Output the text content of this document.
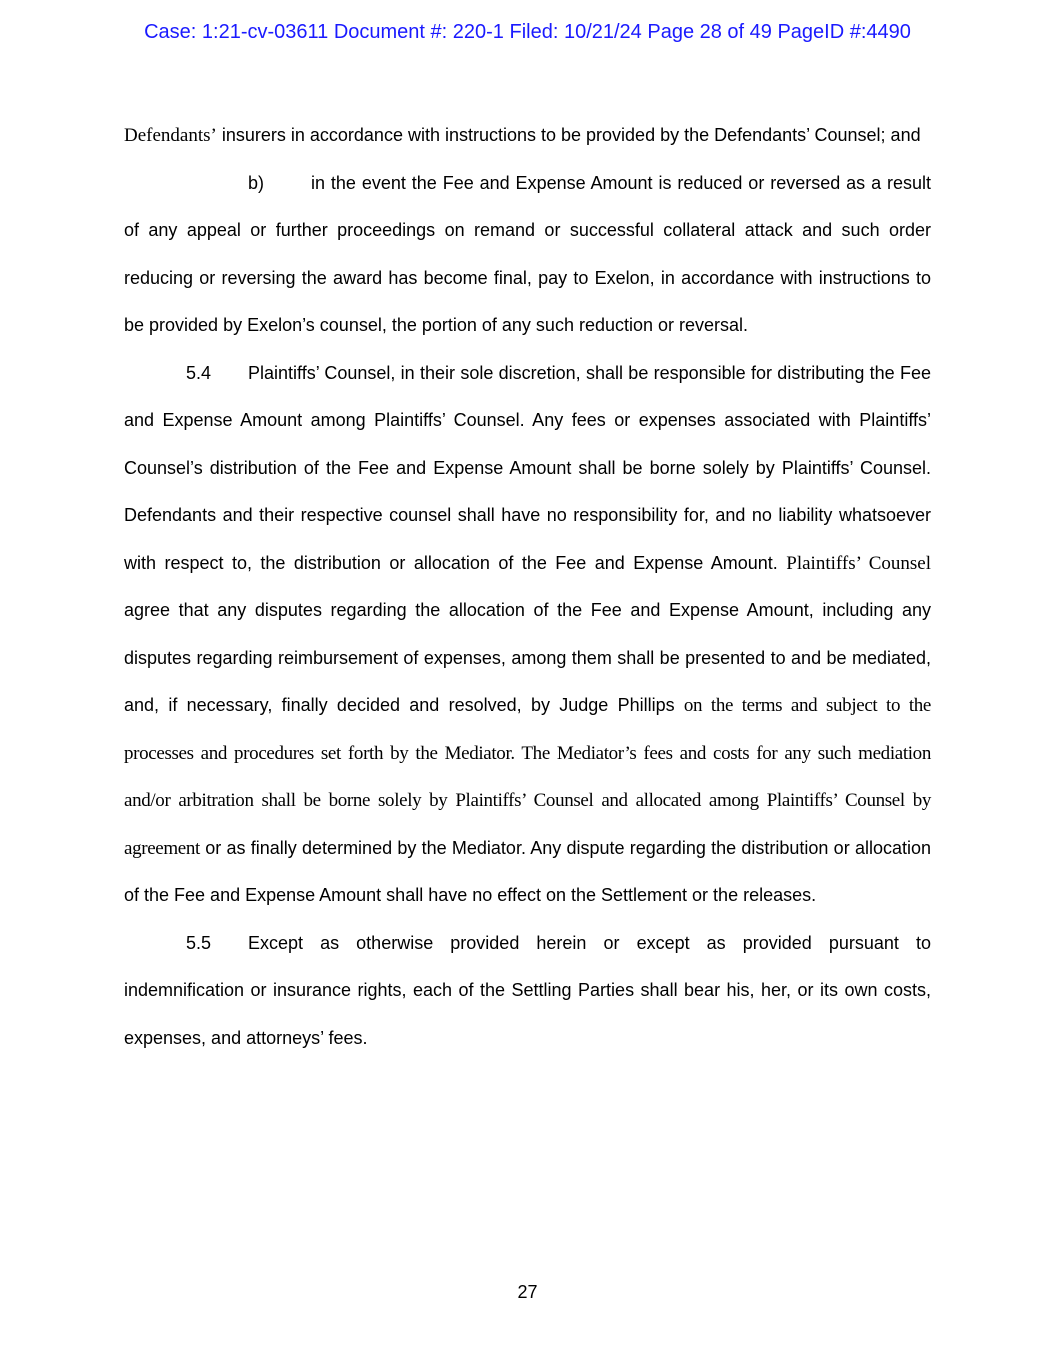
Case: 1:21-cv-03611 Document #: 220-1 Filed: 10/21/24 Page 28 of 49 PageID #:4490

Defendants’ insurers in accordance with instructions to be provided by the Defendants’ Counsel; and

b)	in the event the Fee and Expense Amount is reduced or reversed as a result of any appeal or further proceedings on remand or successful collateral attack and such order reducing or reversing the award has become final, pay to Exelon, in accordance with instructions to be provided by Exelon’s counsel, the portion of any such reduction or reversal.

5.4 Plaintiffs’ Counsel, in their sole discretion, shall be responsible for distributing the Fee and Expense Amount among Plaintiffs’ Counsel. Any fees or expenses associated with Plaintiffs’ Counsel’s distribution of the Fee and Expense Amount shall be borne solely by Plaintiffs’ Counsel. Defendants and their respective counsel shall have no responsibility for, and no liability whatsoever with respect to, the distribution or allocation of the Fee and Expense Amount. Plaintiffs’ Counsel agree that any disputes regarding the allocation of the Fee and Expense Amount, including any disputes regarding reimbursement of expenses, among them shall be presented to and be mediated, and, if necessary, finally decided and resolved, by Judge Phillips on the terms and subject to the processes and procedures set forth by the Mediator. The Mediator’s fees and costs for any such mediation and/or arbitration shall be borne solely by Plaintiffs’ Counsel and allocated among Plaintiffs’ Counsel by agreement or as finally determined by the Mediator. Any dispute regarding the distribution or allocation of the Fee and Expense Amount shall have no effect on the Settlement or the releases.

5.5 Except as otherwise provided herein or except as provided pursuant to indemnification or insurance rights, each of the Settling Parties shall bear his, her, or its own costs, expenses, and attorneys’ fees.

27
